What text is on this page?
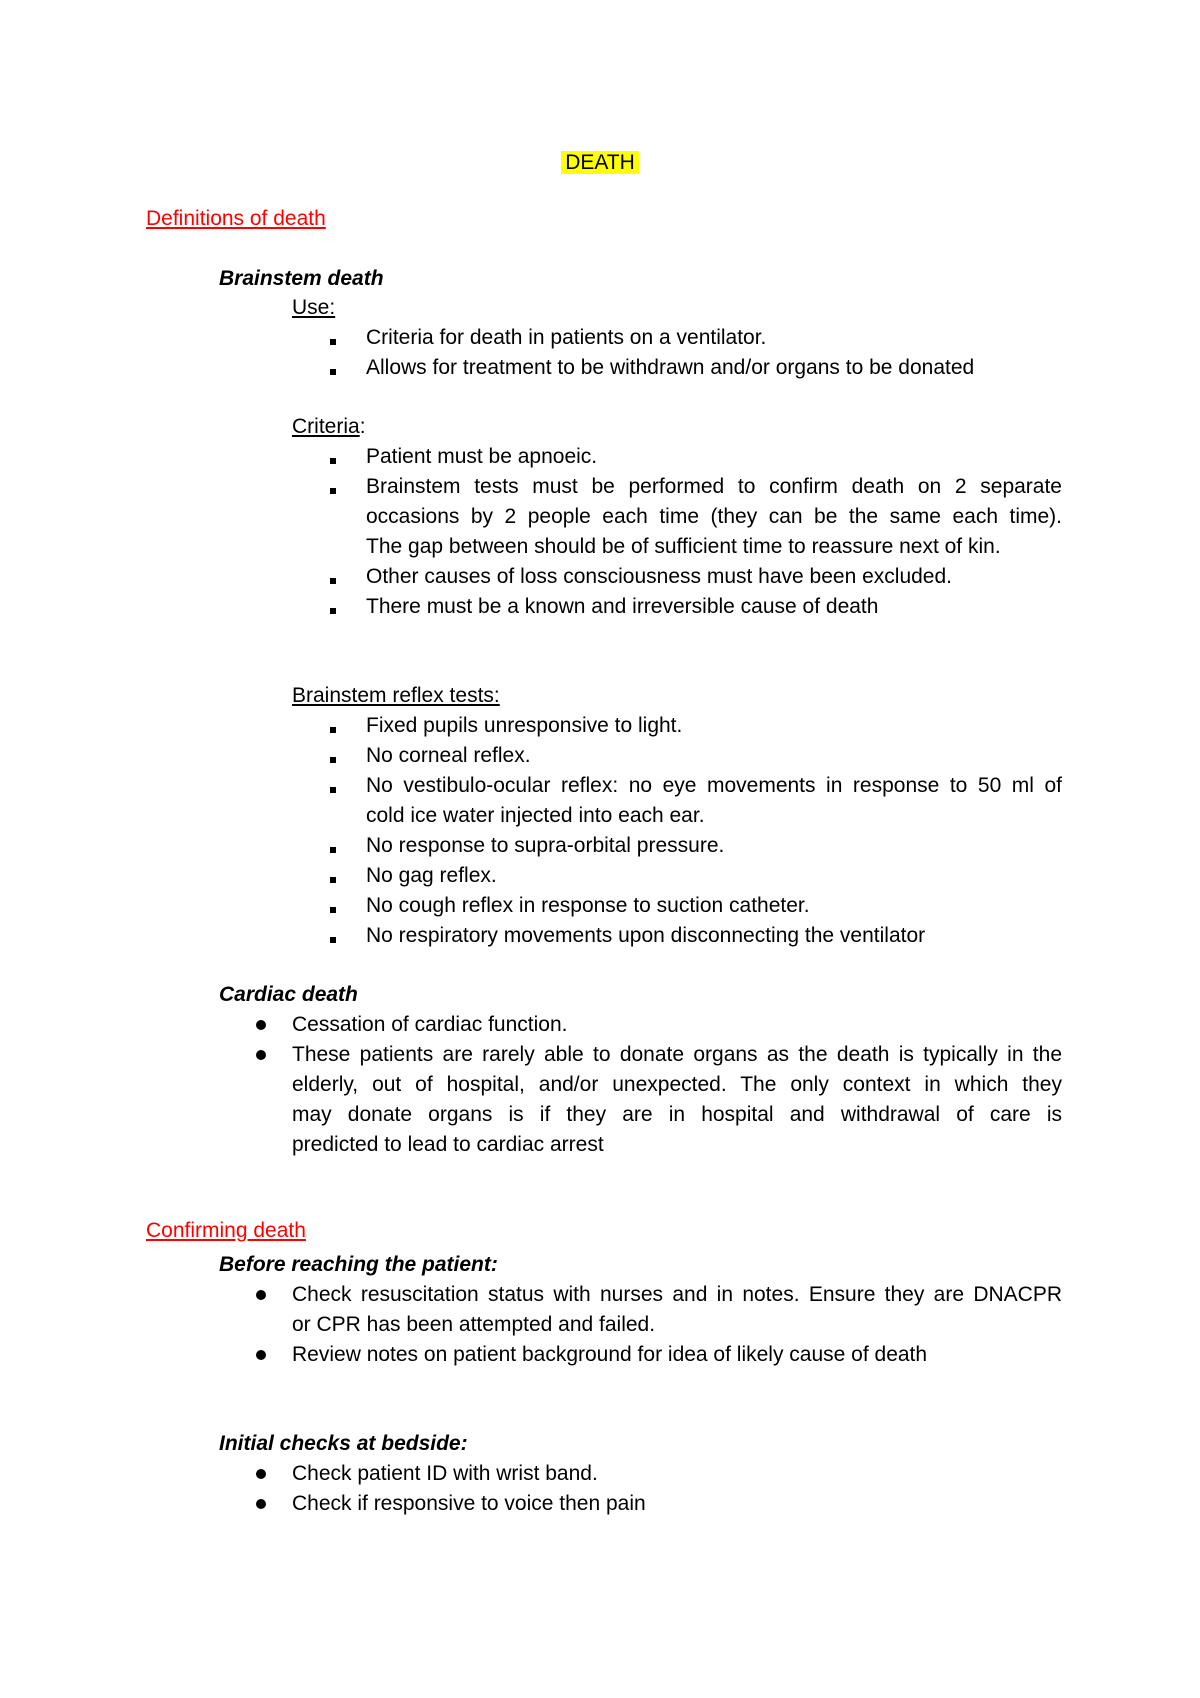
DEATH
Definitions of death
Brainstem death
Use:
Criteria for death in patients on a ventilator.
Allows for treatment to be withdrawn and/or organs to be donated
Criteria:
Patient must be apnoeic.
Brainstem tests must be performed to confirm death on 2 separate
occasions by 2 people each time (they can be the same each time).
The gap between should be of sufficient time to reassure next of kin.
Other causes of loss consciousness must have been excluded.
There must be a known and irreversible cause of death
Brainstem reflex tests:
Fixed pupils unresponsive to light.
No corneal reflex.
No vestibulo-ocular reflex: no eye movements in response to 50 ml of
cold ice water injected into each ear.
No response to supra-orbital pressure.
No gag reflex.
No cough reflex in response to suction catheter.
No respiratory movements upon disconnecting the ventilator
Cardiac death
Cessation of cardiac function.
These patients are rarely able to donate organs as the death is typically in the
elderly, out of hospital, and/or unexpected. The only context in which they
may donate organs is if they are in hospital and withdrawal of care is
predicted to lead to cardiac arrest
Confirming death
Before reaching the patient:
Check resuscitation status with nurses and in notes. Ensure they are DNACPR
or CPR has been attempted and failed.
Review notes on patient background for idea of likely cause of death
Initial checks at bedside:
Check patient ID with wrist band.
Check if responsive to voice then pain
